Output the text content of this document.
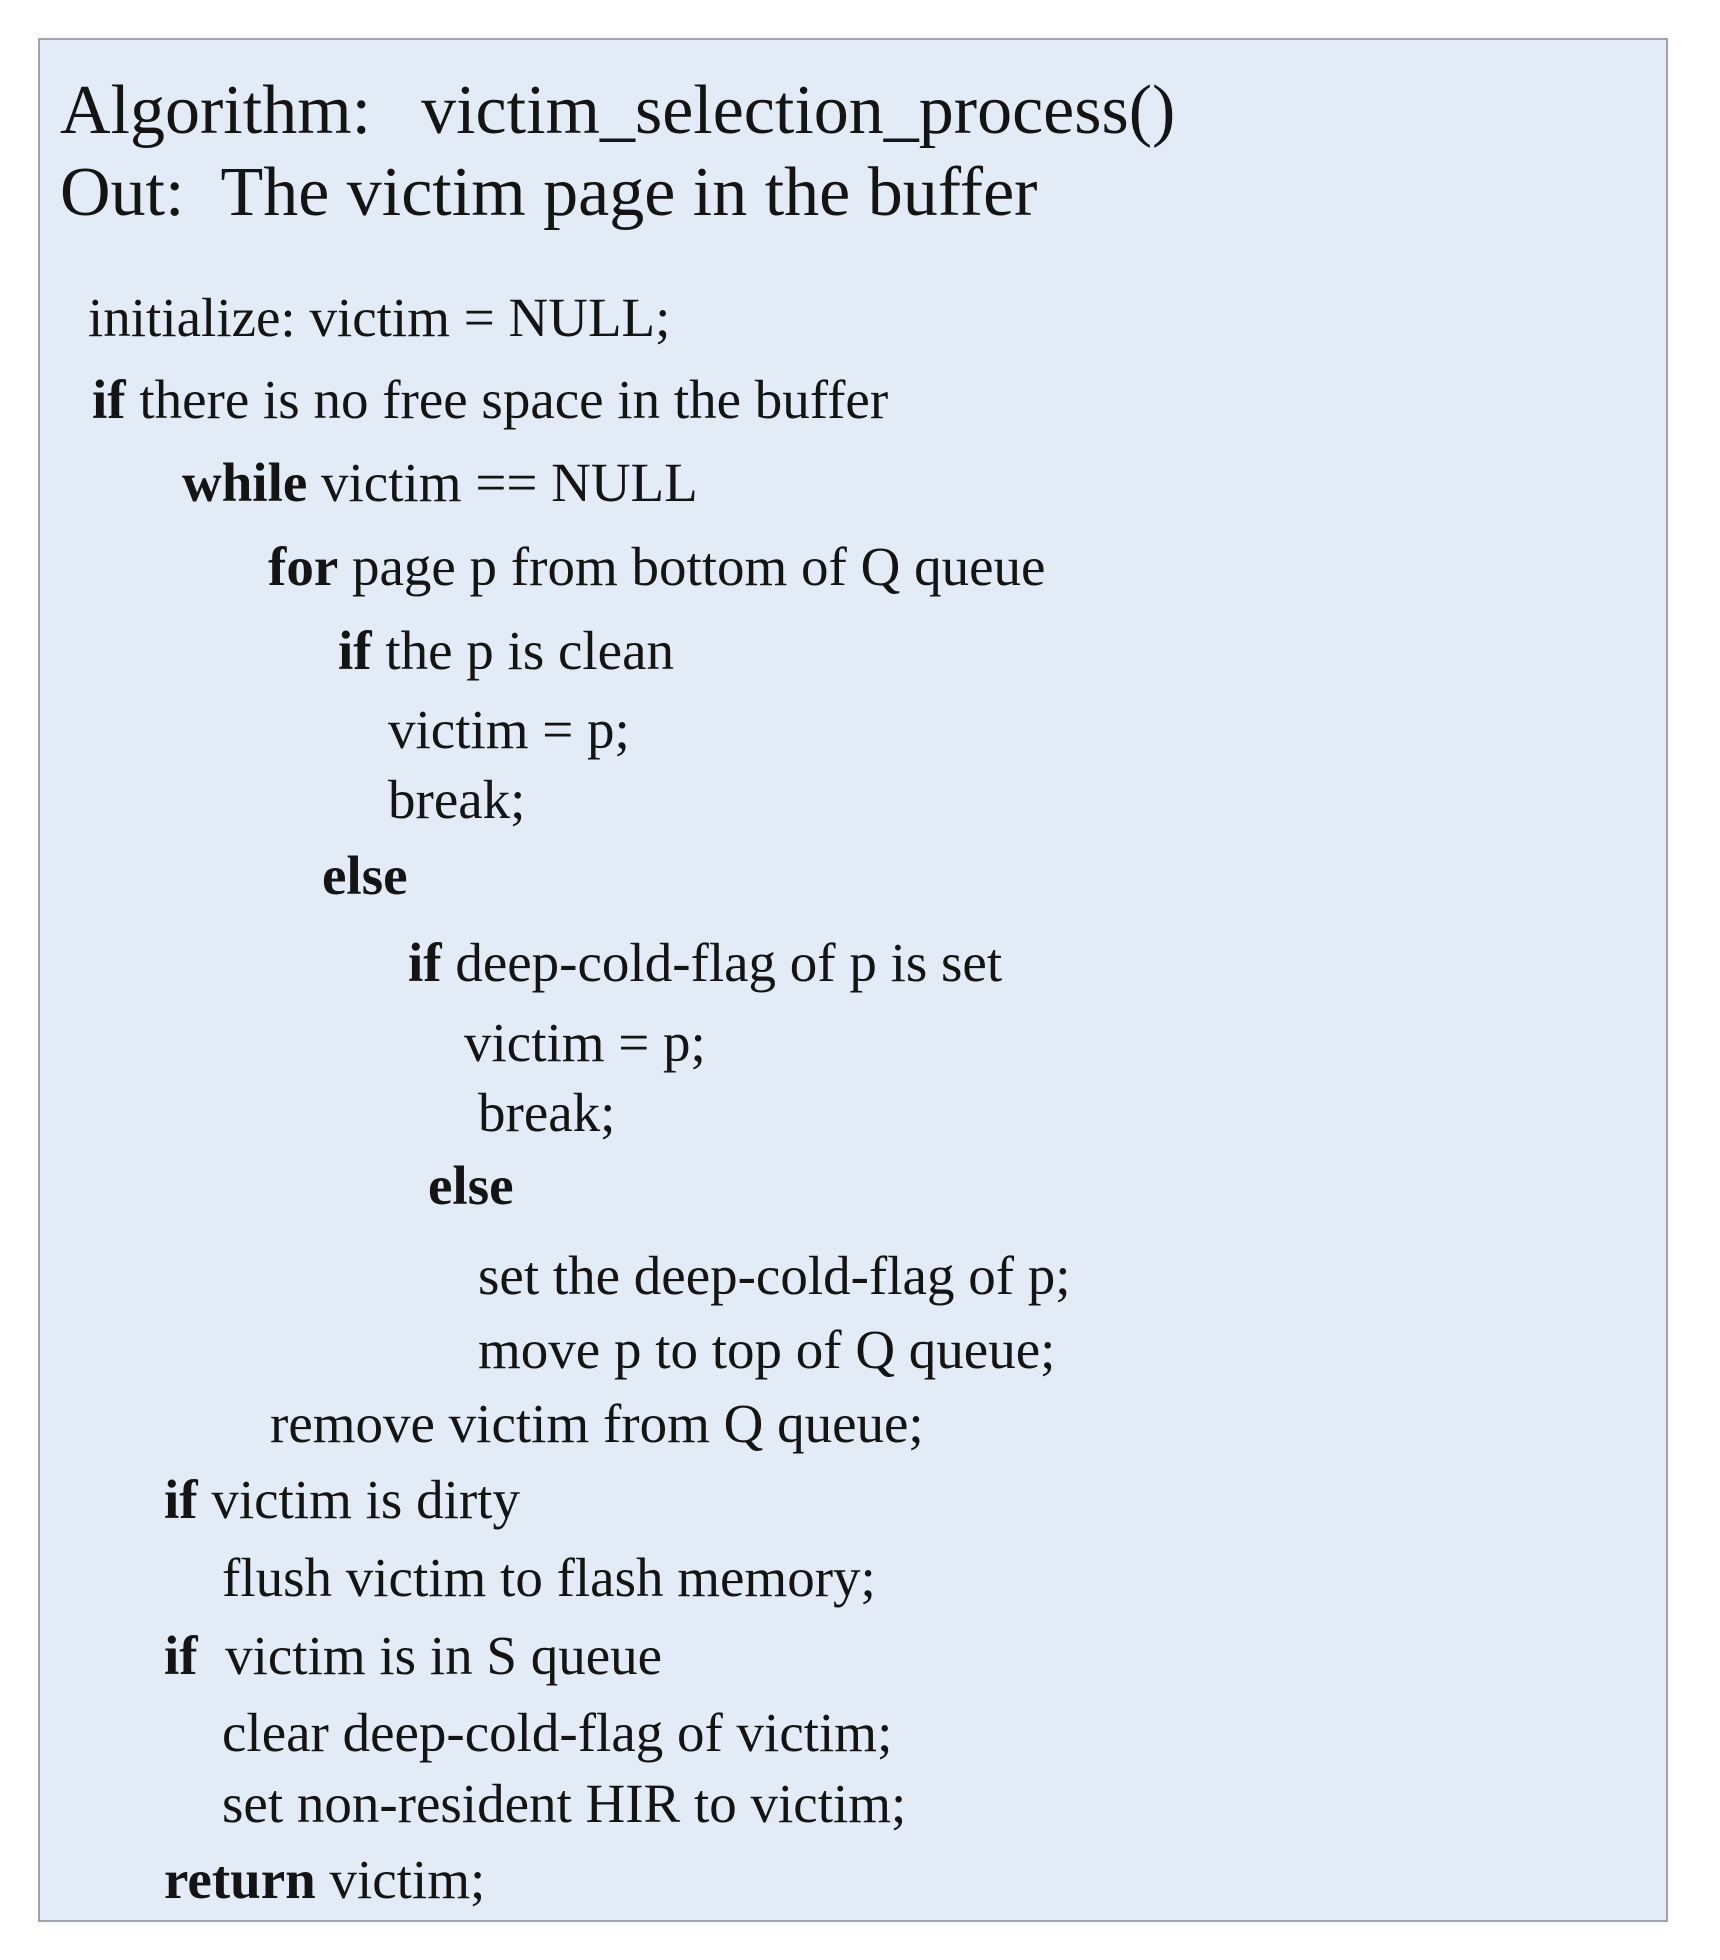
Algorithm: victim_selection_process()
Out: The victim page in the buffer
initialize: victim = NULL;
if there is no free space in the buffer
while victim == NULL
for page p from bottom of Q queue
if the p is clean
victim = p;
break;
else
if deep-cold-flag of p is set
victim = p;
break;
else
set the deep-cold-flag of p;
move p to top of Q queue;
remove victim from Q queue;
if victim is dirty
flush victim to flash memory;
if  victim is in S queue
clear deep-cold-flag of victim;
set non-resident HIR to victim;
return victim;
